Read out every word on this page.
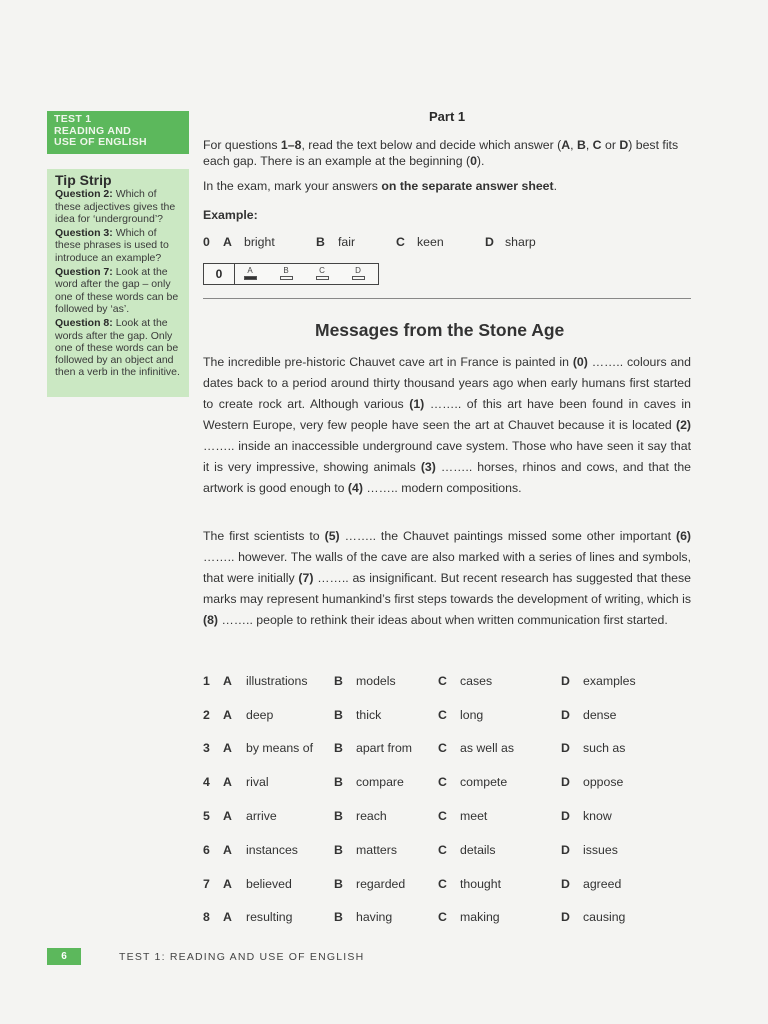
TEST 1
READING AND
USE OF ENGLISH
Tip Strip
Question 2: Which of these adjectives gives the idea for ‘underground’?
Question 3: Which of these phrases is used to introduce an example?
Question 7: Look at the word after the gap – only one of these words can be followed by ‘as’.
Question 8: Look at the words after the gap. Only one of these words can be followed by an object and then a verb in the infinitive.
Part 1
For questions 1–8, read the text below and decide which answer (A, B, C or D) best fits each gap. There is an example at the beginning (0).
In the exam, mark your answers on the separate answer sheet.
Example:
0 A bright	B fair	C keen	D sharp
0	A	B	C	D
Messages from the Stone Age
The incredible pre-historic Chauvet cave art in France is painted in (0) …….. colours and dates back to a period around thirty thousand years ago when early humans first started to create rock art. Although various (1) …….. of this art have been found in caves in Western Europe, very few people have seen the art at Chauvet because it is located (2) …….. inside an inaccessible underground cave system. Those who have seen it say that it is very impressive, showing animals (3) …….. horses, rhinos and cows, and that the artwork is good enough to (4) …….. modern compositions.
The first scientists to (5) …….. the Chauvet paintings missed some other important (6) …….. however. The walls of the cave are also marked with a series of lines and symbols, that were initially (7) …….. as insignificant. But recent research has suggested that these marks may represent humankind’s first steps towards the development of writing, which is (8) …….. people to rethink their ideas about when written communication first started.
1 A illustrations B models	C cases	D examples
2 A deep	B thick	C long	D dense
3 A by means of B apart from C as well as	D such as
4 A rival	B compare	C compete	D oppose
5 A arrive	B reach	C meet	D know
6 A instances	B matters	C details	D issues
7 A believed	B regarded	C thought	D agreed
8 A resulting	B having	C making	D causing
6	TEST 1: READING AND USE OF ENGLISH
